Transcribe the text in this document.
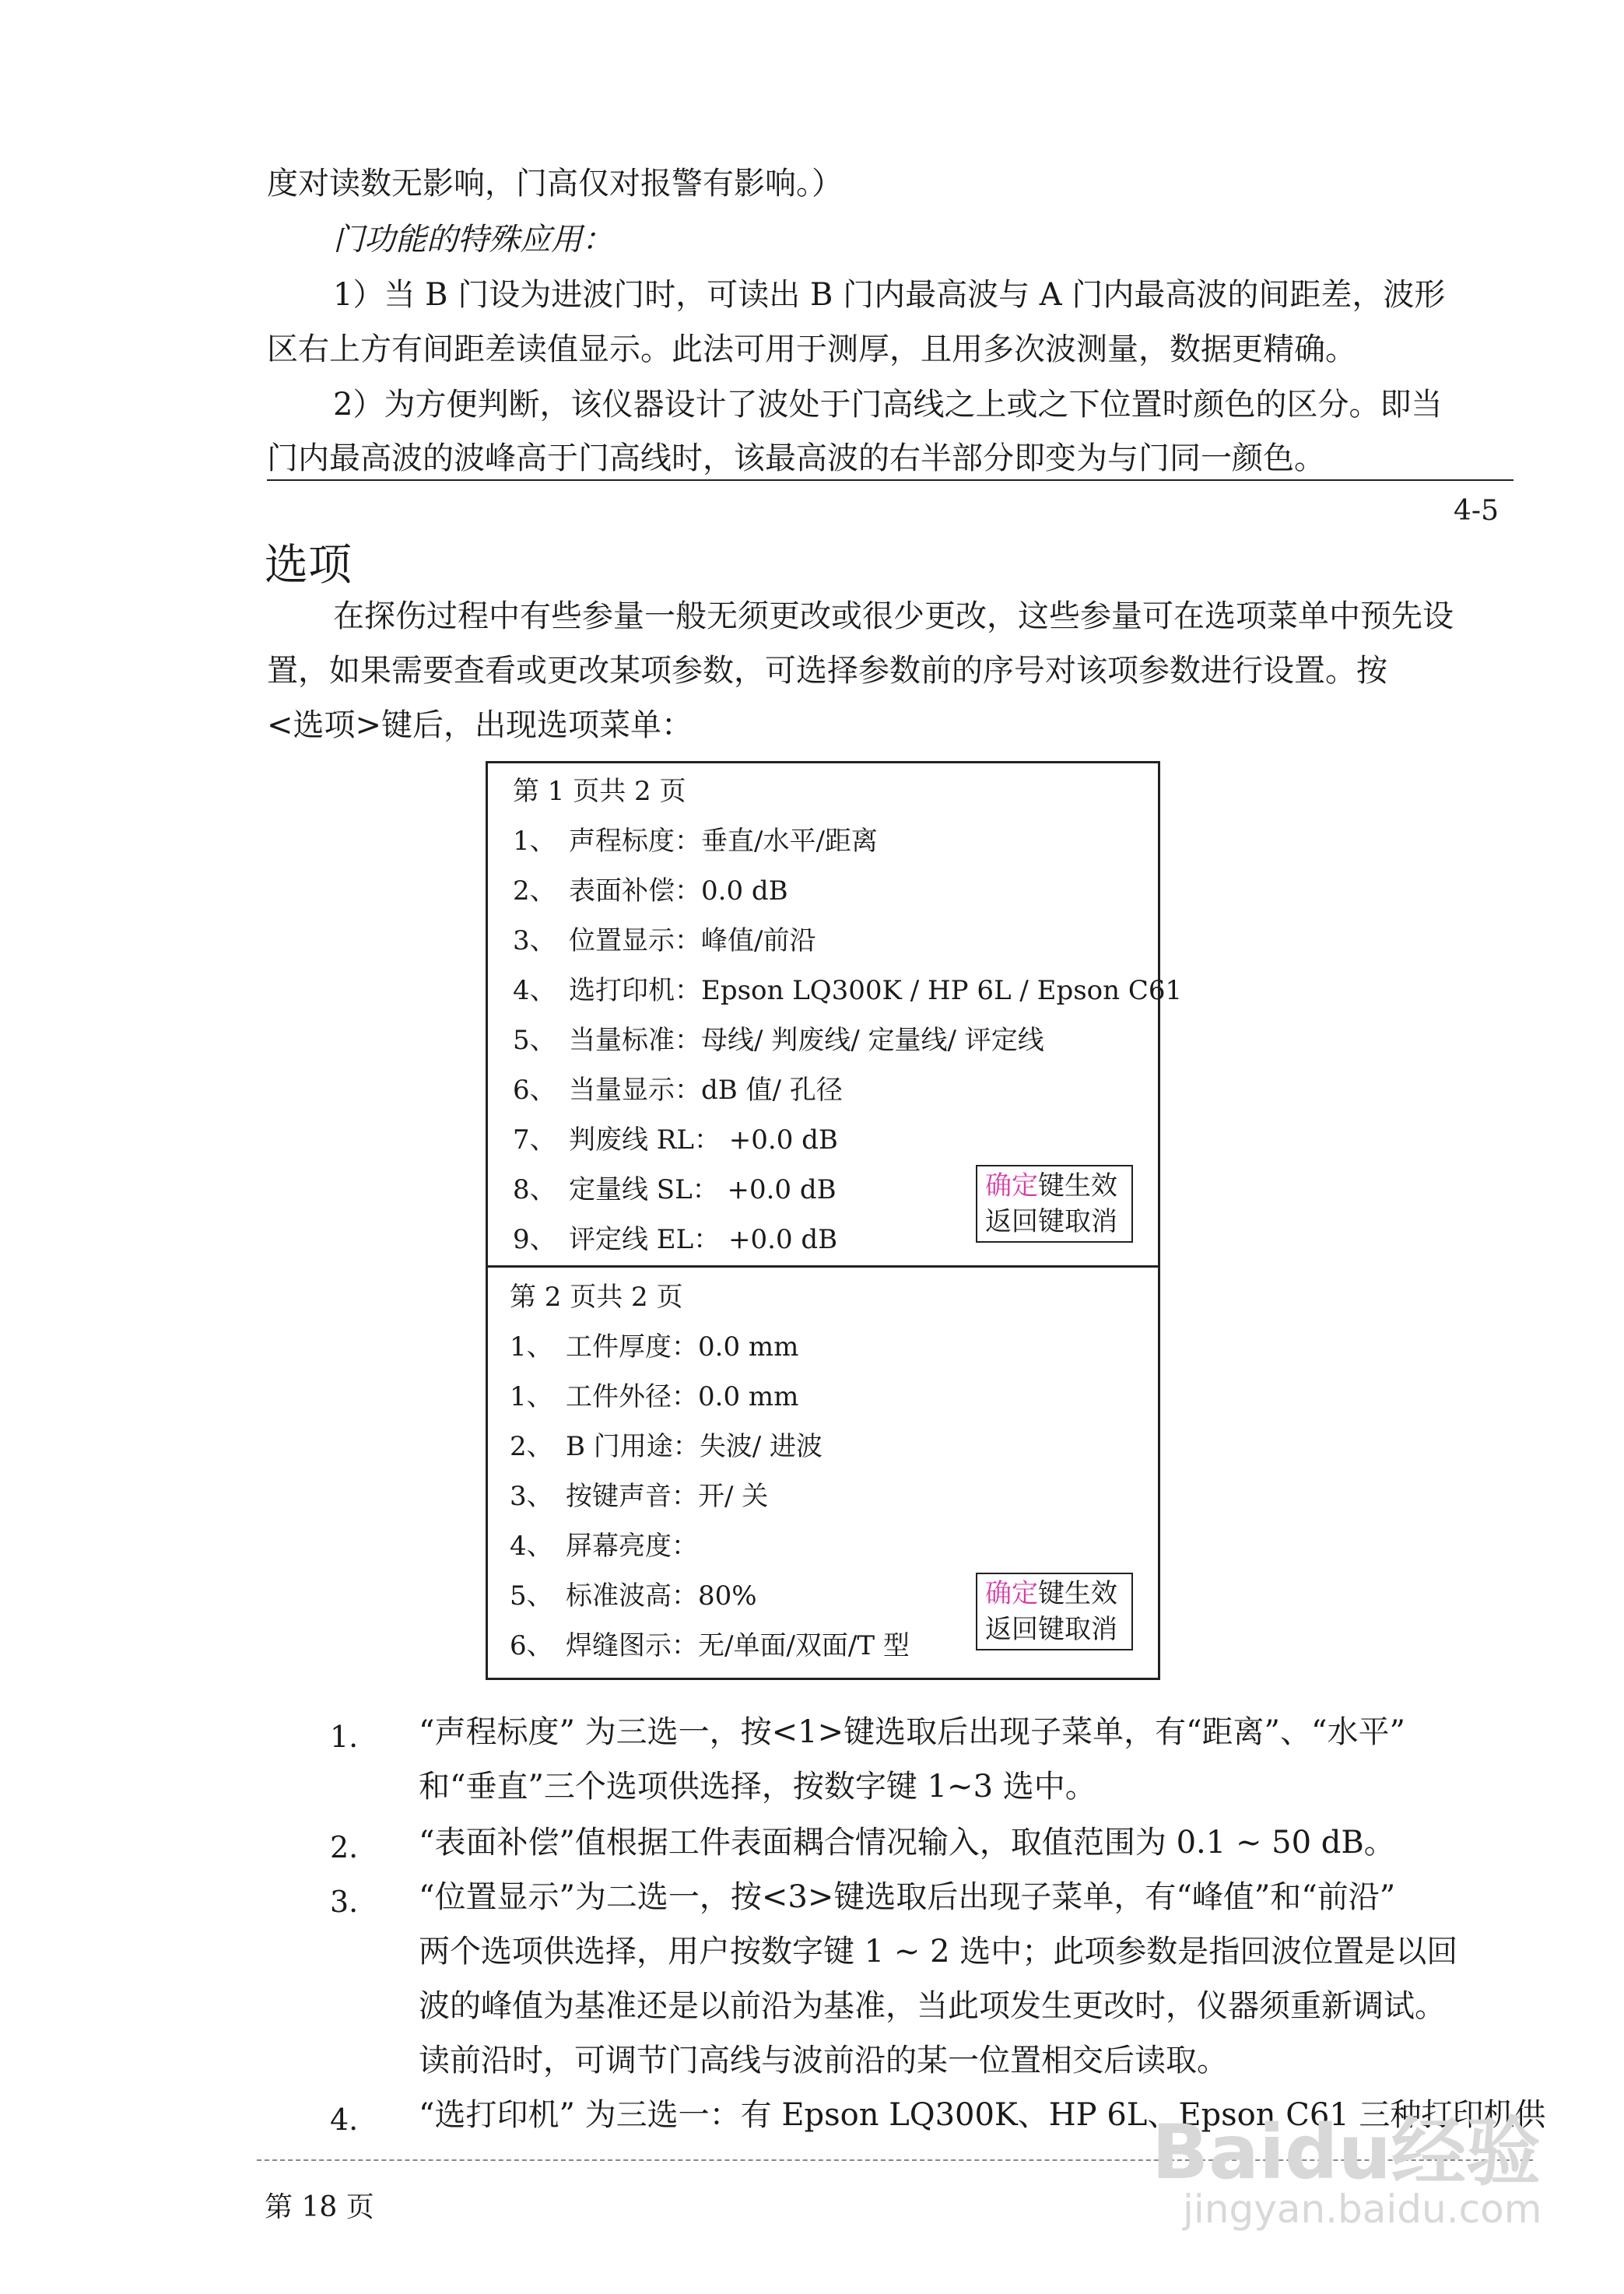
度对读数无影响，门高仅对报警有影响。）
门功能的特殊应用：
1）当 B 门设为进波门时，可读出 B 门内最高波与 A 门内最高波的间距差，波形
区右上方有间距差读值显示。此法可用于测厚，且用多次波测量，数据更精确。
2）为方便判断，该仪器设计了波处于门高线之上或之下位置时颜色的区分。即当
门内最高波的波峰高于门高线时，该最高波的右半部分即变为与门同一颜色。
4-5
选项
在探伤过程中有些参量一般无须更改或很少更改，这些参量可在选项菜单中预先设
置，如果需要查看或更改某项参数，可选择参数前的序号对该项参数进行设置。按
<选项>键后，出现选项菜单：
第 1 页共 2 页
1、 声程标度：垂直/水平/距离
2、 表面补偿：0.0 dB
3、 位置显示：峰值/前沿
4、 选打印机：Epson LQ300K / HP 6L / Epson C61
5、 当量标准：母线/ 判废线/ 定量线/ 评定线
6、 当量显示：dB 值/ 孔径
7、 判废线 RL： +0.0 dB
8、 定量线 SL： +0.0 dB
9、 评定线 EL： +0.0 dB
确定键生效
返回键取消
第 2 页共 2 页
1、 工件厚度：0.0 mm
1、 工件外径：0.0 mm
2、 B 门用途：失波/ 进波
3、 按键声音：开/ 关
4、 屏幕亮度：
5、 标准波高：80%
6、 焊缝图示：无/单面/双面/T 型
确定键生效
返回键取消
1. “声程标度” 为三选一，按<1>键选取后出现子菜单，有“距离”、“水平”
和“垂直”三个选项供选择，按数字键 1~3 选中。
2. “表面补偿”值根据工件表面耦合情况输入，取值范围为 0.1 ~ 50 dB。
3. “位置显示”为二选一，按<3>键选取后出现子菜单，有“峰值”和“前沿”
两个选项供选择，用户按数字键 1 ~ 2 选中；此项参数是指回波位置是以回
波的峰值为基准还是以前沿为基准，当此项发生更改时，仪器须重新调试。
读前沿时，可调节门高线与波前沿的某一位置相交后读取。
4. “选打印机” 为三选一：有 Epson LQ300K、HP 6L、Epson C61 三种打印机供
第 18 页
Baidu经验
jingyan.baidu.com
